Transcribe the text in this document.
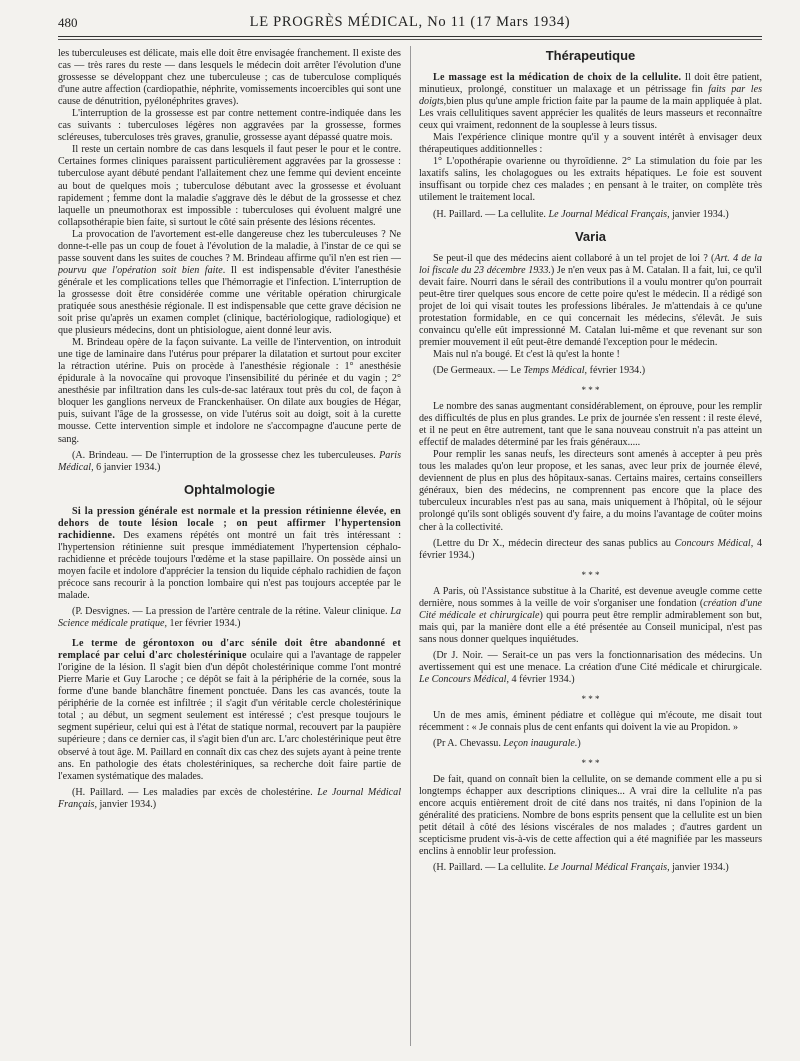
480	LE PROGRÈS MÉDICAL, No 11 (17 Mars 1934)

les tuberculeuses est délicate, mais elle doit être envisagée franchement. Il existe des cas — très rares du reste — dans lesquels le médecin doit arrêter l'évolution d'une grossesse se développant chez une tuberculeuse ; cas de tuberculose compliqués d'une autre affection (cardiopathie, néphrite, vomissements incoercibles qui sont une cause de dénutrition, pyélonéphrites graves).

L'interruption de la grossesse est par contre nettement contre-indiquée dans les cas suivants : tuberculoses légères non aggravées par la grossesse, formes scléreuses, tuberculoses très graves, granulie, grossesse ayant dépassé quatre mois.

Il reste un certain nombre de cas dans lesquels il faut peser le pour et le contre. Certaines formes cliniques paraissent particulièrement aggravées par la grossesse : tuberculose ayant débuté pendant l'allaitement chez une femme qui devient enceinte au bout de quelques mois ; tuberculose débutant avec la grossesse et évoluant rapidement ; femme dont la maladie s'aggrave dès le début de la grossesse et chez laquelle un pneumothorax est impossible : tuberculoses qui évoluent malgré une collapsothérapie bien faite, si surtout le côté sain présente des lésions récentes.

La provocation de l'avortement est-elle dangereuse chez les tuberculeuses ? Ne donne-t-elle pas un coup de fouet à l'évolution de la maladie, à l'instar de ce qui se passe souvent dans les suites de couches ? M. Brindeau affirme qu'il n'en est rien — pourvu que l'opération soit bien faite. Il est indispensable d'éviter l'anesthésie générale et les complications telles que l'hémorragie et l'infection. L'interruption de la grossesse doit être considérée comme une véritable opération chirurgicale pratiquée sous anesthésie régionale. Il est indispensable que cette grave décision ne soit prise qu'après un examen complet (clinique, bactériologique, radiologique) et que plusieurs médecins, dont un phtisiologue, aient donné leur avis.

M. Brindeau opère de la façon suivante. La veille de l'intervention, on introduit une tige de laminaire dans l'utérus pour préparer la dilatation et surtout pour exciter la rétraction utérine. Puis on procède à l'anesthésie régionale : 1° anesthésie épidurale à la novocaïne qui provoque l'insensibilité du périnée et du vagin ; 2° anesthésie par infiltration dans les culs-de-sac latéraux tout près du col, de façon à bloquer les ganglions nerveux de Franckenhaüser. On dilate aux bougies de Hégar, puis, suivant l'âge de la grossesse, on vide l'utérus soit au doigt, soit à la curette mousse. Cette intervention simple et indolore ne s'accompagne d'aucune perte de sang.

(A. Brindeau. — De l'interruption de la grossesse chez les tuberculeuses. Paris Médical, 6 janvier 1934.)

Ophtalmologie

Si la pression générale est normale et la pression rétinienne élevée, en dehors de toute lésion locale ; on peut affirmer l'hypertension rachidienne. Des examens répétés ont montré un fait très intéressant : l'hypertension rétinienne suit presque immédiatement l'hypertension céphalo-rachidienne et précède toujours l'œdème et la stase papillaire. On possède ainsi un moyen facile et indolore d'apprécier la tension du liquide céphalo rachidien de façon précoce sans recourir à la ponction lombaire qui n'est pas toujours acceptée par le malade.

(P. Desvignes. — La pression de l'artère centrale de la rétine. Valeur clinique. La Science médicale pratique, 1er février 1934.)

Le terme de gérontoxon ou d'arc sénile doit être abandonné et remplacé par celui d'arc cholestérinique oculaire qui a l'avantage de rappeler l'origine de la lésion. Il s'agit bien d'un dépôt cholestérinique comme l'ont montré Pierre Marie et Guy Laroche ; ce dépôt se fait à la périphérie de la cornée, sous la forme d'une bande blanchâtre finement ponctuée. Dans les cas avancés, toute la périphérie de la cornée est infiltrée ; il s'agit d'un véritable cercle cholestérinique total ; au début, un segment seulement est intéressé ; c'est presque toujours le segment supérieur, celui qui est à l'état de statique normal, recouvert par la paupière supérieure ; dans ce dernier cas, il s'agit bien d'un arc. L'arc cholestérinique peut être observé à tout âge. M. Paillard en connaît dix cas chez des sujets ayant à peine trente ans. En pathologie des états cholestériniques, sa recherche doit faire partie de l'examen systématique des malades.

(H. Paillard. — Les maladies par excès de cholestérine. Le Journal Médical Français, janvier 1934.)

Thérapeutique

Le massage est la médication de choix de la cellulite. Il doit être patient, minutieux, prolongé, constituer un malaxage et un pétrissage fin faits par les doigts,bien plus qu'une ample friction faite par la paume de la main appliquée à plat. Les vrais cellulitiques savent apprécier les qualités de leurs masseurs et reconnaître ceux qui vraiment, redonnent de la souplesse à leurs tissus.

Mais l'expérience clinique montre qu'il y a souvent intérêt à envisager deux thérapeutiques additionnelles :

1° L'opothérapie ovarienne ou thyroïdienne. 2° La stimulation du foie par les laxatifs salins, les cholagogues ou les extraits hépatiques. Le foie est souvent insuffisant ou torpide chez ces malades ; en pensant à le traiter, on complète très utilement le traitement local.

(H. Paillard. — La cellulite. Le Journal Médical Français, janvier 1934.)

Varia

Se peut-il que des médecins aient collaboré à un tel projet de loi ? (Art. 4 de la loi fiscale du 23 décembre 1933.) Je n'en veux pas à M. Catalan. Il a fait, lui, ce qu'il devait faire. Nourri dans le sérail des contributions il a voulu montrer qu'on pourrait peut-être tirer quelques sous encore de cette poire qu'est le médecin. Il a rédigé son projet de loi qui visait toutes les professions libérales. Je m'attendais à ce qu'une protestation formidable, en ce qui concernait les médecins, s'élevât. Je suis convaincu qu'elle eût impressionné M. Catalan lui-même et que revenant sur son premier mouvement il eût peut-être demandé l'exception pour le médecin.

Mais nul n'a bougé. Et c'est là qu'est la honte !

(De Germeaux. — Le Temps Médical, février 1934.)

* * *

Le nombre des sanas augmentant considérablement, on éprouve, pour les remplir des difficultés de plus en plus grandes. Le prix de journée s'en ressent : il reste élevé, et il ne peut en être autrement, tant que le sana nouveau construit n'a pas atteint un effectif de malades déterminé par les frais généraux.....

Pour remplir les sanas neufs, les directeurs sont amenés à accepter à peu près tous les malades qu'on leur propose, et les sanas, avec leur prix de journée élevé, deviennent de plus en plus des hôpitaux-sanas. Certains maires, certains conseillers généraux, bien des médecins, ne comprennent pas encore que la place des tuberculeux incurables n'est pas au sana, mais uniquement à l'hôpital, où le séjour prolongé qu'ils sont obligés souvent d'y faire, a du moins l'avantage de coûter moins cher à la collectivité.

(Lettre du Dr X., médecin directeur des sanas publics au Concours Médical, 4 février 1934.)

* * *

A Paris, où l'Assistance substitue à la Charité, est devenue aveugle comme cette dernière, nous sommes à la veille de voir s'organiser une fondation (création d'une Cité médicale et chirurgicale) qui pourra peut être remplir admirablement son but, mais qui, par la manière dont elle a été présentée au Conseil municipal, n'est pas sans nous donner quelques inquiétudes.

(Dr J. Noir. — Serait-ce un pas vers la fonctionnarisation des médecins. Un avertissement qui est une menace. La création d'une Cité médicale et chirurgicale. Le Concours Médical, 4 février 1934.)

* * *

Un de mes amis, éminent pédiatre et collègue qui m'écoute, me disait tout récemment : « Je connais plus de cent enfants qui doivent la vie au Propidon. »

(Pr A. Chevassu. Leçon inaugurale.)

* * *

De fait, quand on connaît bien la cellulite, on se demande comment elle a pu si longtemps échapper aux descriptions cliniques... A vrai dire la cellulite n'a pas encore acquis entièrement droit de cité dans nos traités, ni dans l'opinion de la généralité des praticiens. Nombre de bons esprits pensent que la cellulite est un bien petit détail à côté des lésions viscérales de nos malades ; d'autres gardent un scepticisme prudent vis-à-vis de cette affection qui a été magnifiée par les masseurs enclins à ennoblir leur profession.

(H. Paillard. — La cellulite. Le Journal Médical Français, janvier 1934.)
